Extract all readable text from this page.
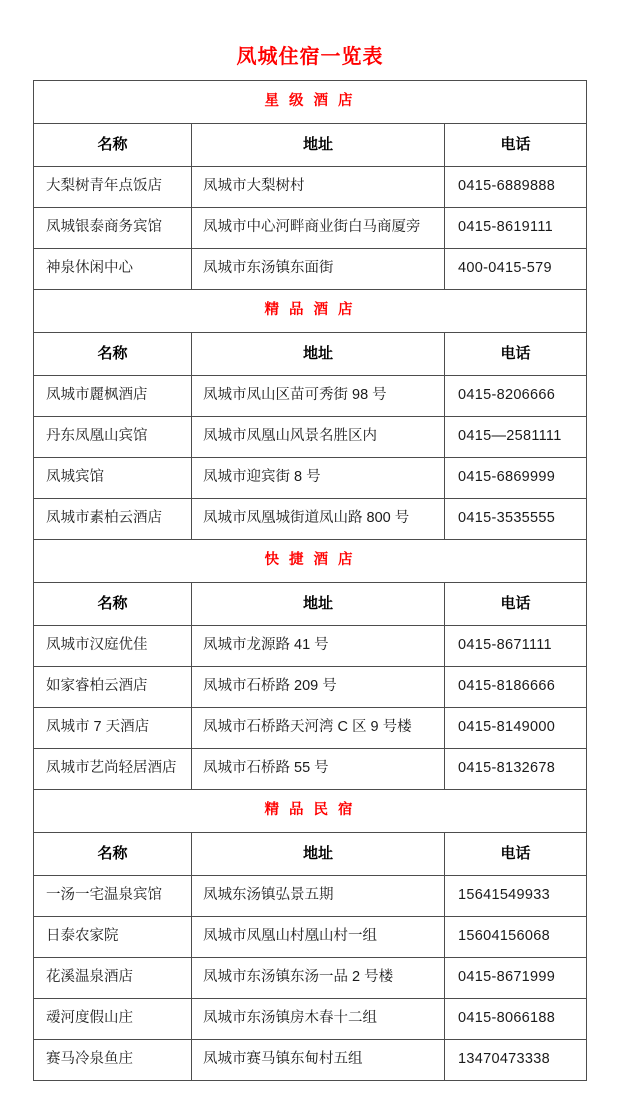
凤城住宿一览表
星 级 酒 店		
名称	地址	电话
大梨树青年点饭店	凤城市大梨树村	0415-6889888
凤城银泰商务宾馆	凤城市中心河畔商业街白马商厦旁	0415-8619111
神泉休闲中心	凤城市东汤镇东面街	400-0415-579
精 品 酒 店		
名称	地址	电话
凤城市麗枫酒店	凤城市凤山区苗可秀街 98 号	0415-8206666
丹东凤凰山宾馆	凤城市凤凰山风景名胜区内	0415—2581111
凤城宾馆	凤城市迎宾街 8 号	0415-6869999
凤城市素柏云酒店	凤城市凤凰城街道凤山路 800 号	0415-3535555
快 捷 酒 店		
名称	地址	电话
凤城市汉庭优佳	凤城市龙源路 41 号	0415-8671111
如家睿柏云酒店	凤城市石桥路 209 号	0415-8186666
凤城市 7 天酒店	凤城市石桥路天河湾 C 区 9 号楼	0415-8149000
凤城市艺尚轻居酒店	凤城市石桥路 55 号	0415-8132678
精 品 民 宿		
名称	地址	电话
一汤一宅温泉宾馆	凤城东汤镇弘景五期	15641549933
日泰农家院	凤城市凤凰山村凰山村一组	15604156068
花溪温泉酒店	凤城市东汤镇东汤一品 2 号楼	0415-8671999
叆河度假山庄	凤城市东汤镇房木春十二组	0415-8066188
赛马冷泉鱼庄	凤城市赛马镇东甸村五组	13470473338
